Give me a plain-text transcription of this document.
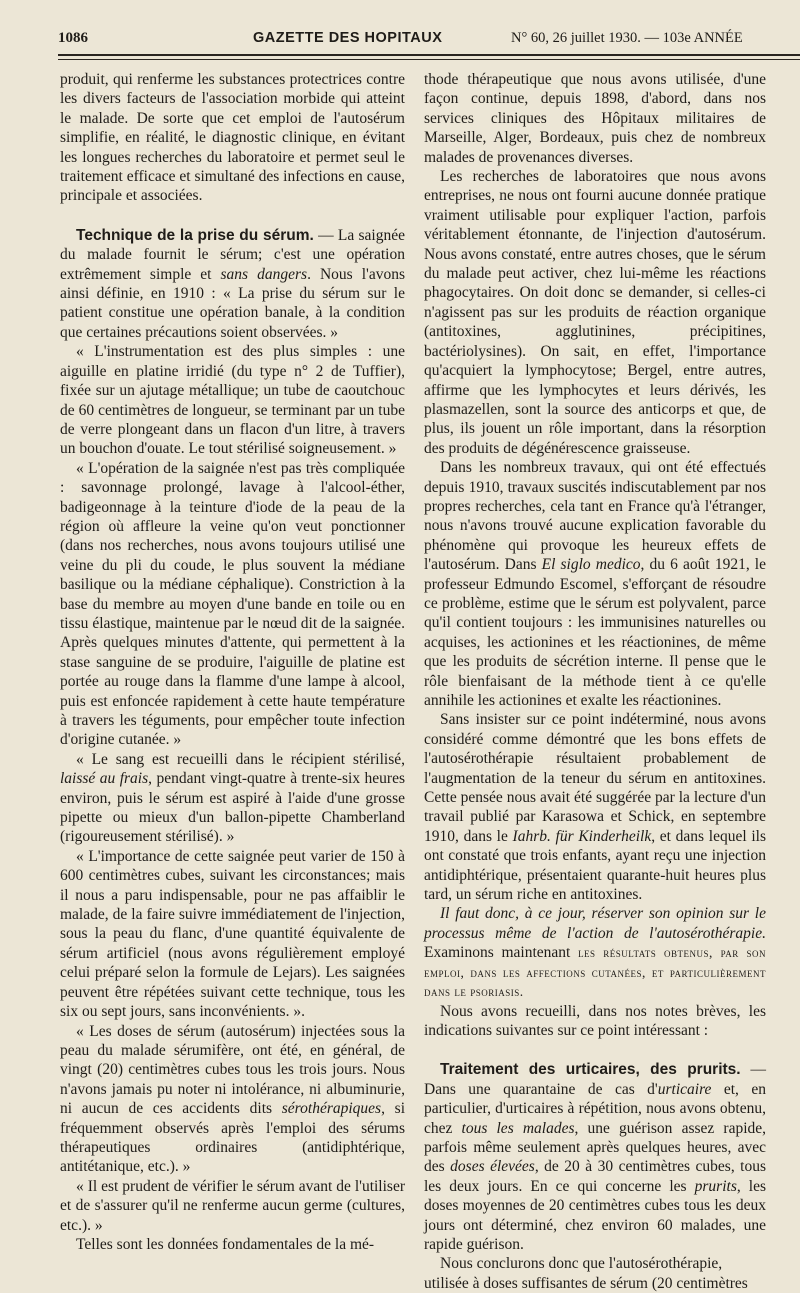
1086	GAZETTE DES HOPITAUX	N° 60, 26 juillet 1930. — 103e ANNÉE

produit, qui renferme les substances protectrices contre les divers facteurs de l'association morbide qui atteint le malade. De sorte que cet emploi de l'autosérum simplifie, en réalité, le diagnostic clinique, en évitant les longues recherches du laboratoire et permet seul le traitement efficace et simultané des infections en cause, principale et associées.

Technique de la prise du sérum. — La saignée du malade fournit le sérum; c'est une opération extrêmement simple et sans dangers. Nous l'avons ainsi définie, en 1910 : « La prise du sérum sur le patient constitue une opération banale, à la condition que certaines précautions soient observées. »

« L'instrumentation est des plus simples : une aiguille en platine irridié (du type n° 2 de Tuffier), fixée sur un ajutage métallique; un tube de caoutchouc de 60 centimètres de longueur, se terminant par un tube de verre plongeant dans un flacon d'un litre, à travers un bouchon d'ouate. Le tout stérilisé soigneusement. »

« L'opération de la saignée n'est pas très compliquée : savonnage prolongé, lavage à l'alcool-éther, badigeonnage à la teinture d'iode de la peau de la région où affleure la veine qu'on veut ponctionner (dans nos recherches, nous avons toujours utilisé une veine du pli du coude, le plus souvent la médiane basilique ou la médiane céphalique). Constriction à la base du membre au moyen d'une bande en toile ou en tissu élastique, maintenue par le nœud dit de la saignée. Après quelques minutes d'attente, qui permettent à la stase sanguine de se produire, l'aiguille de platine est portée au rouge dans la flamme d'une lampe à alcool, puis est enfoncée rapidement à cette haute température à travers les téguments, pour empêcher toute infection d'origine cutanée. »

« Le sang est recueilli dans le récipient stérilisé, laissé au frais, pendant vingt-quatre à trente-six heures environ, puis le sérum est aspiré à l'aide d'une grosse pipette ou mieux d'un ballon-pipette Chamberland (rigoureusement stérilisé). »

« L'importance de cette saignée peut varier de 150 à 600 centimètres cubes, suivant les circonstances; mais il nous a paru indispensable, pour ne pas affaiblir le malade, de la faire suivre immédiatement de l'injection, sous la peau du flanc, d'une quantité équivalente de sérum artificiel (nous avons régulièrement employé celui préparé selon la formule de Lejars). Les saignées peuvent être répétées suivant cette technique, tous les six ou sept jours, sans inconvénients. ».

« Les doses de sérum (autosérum) injectées sous la peau du malade sérumifère, ont été, en général, de vingt (20) centimètres cubes tous les trois jours. Nous n'avons jamais pu noter ni intolérance, ni albuminurie, ni aucun de ces accidents dits sérothérapiques, si fréquemment observés après l'emploi des sérums thérapeutiques ordinaires (antidiphtérique, antitétanique, etc.). »

« Il est prudent de vérifier le sérum avant de l'utiliser et de s'assurer qu'il ne renferme aucun germe (cultures, etc.). »

Telles sont les données fondamentales de la mé-

thode thérapeutique que nous avons utilisée, d'une façon continue, depuis 1898, d'abord, dans nos services cliniques des Hôpitaux militaires de Marseille, Alger, Bordeaux, puis chez de nombreux malades de provenances diverses.

Les recherches de laboratoires que nous avons entreprises, ne nous ont fourni aucune donnée pratique vraiment utilisable pour expliquer l'action, parfois véritablement étonnante, de l'injection d'autosérum. Nous avons constaté, entre autres choses, que le sérum du malade peut activer, chez lui-même les réactions phagocytaires. On doit donc se demander, si celles-ci n'agissent pas sur les produits de réaction organique (antitoxines, agglutinines, précipitines, bactériolysines). On sait, en effet, l'importance qu'acquiert la lymphocytose; Bergel, entre autres, affirme que les lymphocytes et leurs dérivés, les plasmazellen, sont la source des anticorps et que, de plus, ils jouent un rôle important, dans la résorption des produits de dégénérescence graisseuse.

Dans les nombreux travaux, qui ont été effectués depuis 1910, travaux suscités indiscutablement par nos propres recherches, cela tant en France qu'à l'étranger, nous n'avons trouvé aucune explication favorable du phénomène qui provoque les heureux effets de l'autosérum. Dans El siglo medico, du 6 août 1921, le professeur Edmundo Escomel, s'efforçant de résoudre ce problème, estime que le sérum est polyvalent, parce qu'il contient toujours : les immunisines naturelles ou acquises, les actionines et les réactionines, de même que les produits de sécrétion interne. Il pense que le rôle bienfaisant de la méthode tient à ce qu'elle annihile les actionines et exalte les réactionines.

Sans insister sur ce point indéterminé, nous avons considéré comme démontré que les bons effets de l'autosérothérapie résultaient probablement de l'augmentation de la teneur du sérum en antitoxines. Cette pensée nous avait été suggérée par la lecture d'un travail publié par Karasowa et Schick, en septembre 1910, dans le Iahrb. für Kinderheilk, et dans lequel ils ont constaté que trois enfants, ayant reçu une injection antidiphtérique, présentaient quarante-huit heures plus tard, un sérum riche en antitoxines.

Il faut donc, à ce jour, réserver son opinion sur le processus même de l'action de l'autosérothérapie. Examinons maintenant les résultats obtenus, par son emploi, dans les affections cutanées, et particulièrement dans le psoriasis.

Nous avons recueilli, dans nos notes brèves, les indications suivantes sur ce point intéressant :

Traitement des urticaires, des prurits. — Dans une quarantaine de cas d'urticaire et, en particulier, d'urticaires à répétition, nous avons obtenu, chez tous les malades, une guérison assez rapide, parfois même seulement après quelques heures, avec des doses élevées, de 20 à 30 centimètres cubes, tous les deux jours. En ce qui concerne les prurits, les doses moyennes de 20 centimètres cubes tous les deux jours ont déterminé, chez environ 60 malades, une rapide guérison.

Nous conclurons donc que l'autosérothérapie, utilisée à doses suffisantes de sérum (20 centimètres
